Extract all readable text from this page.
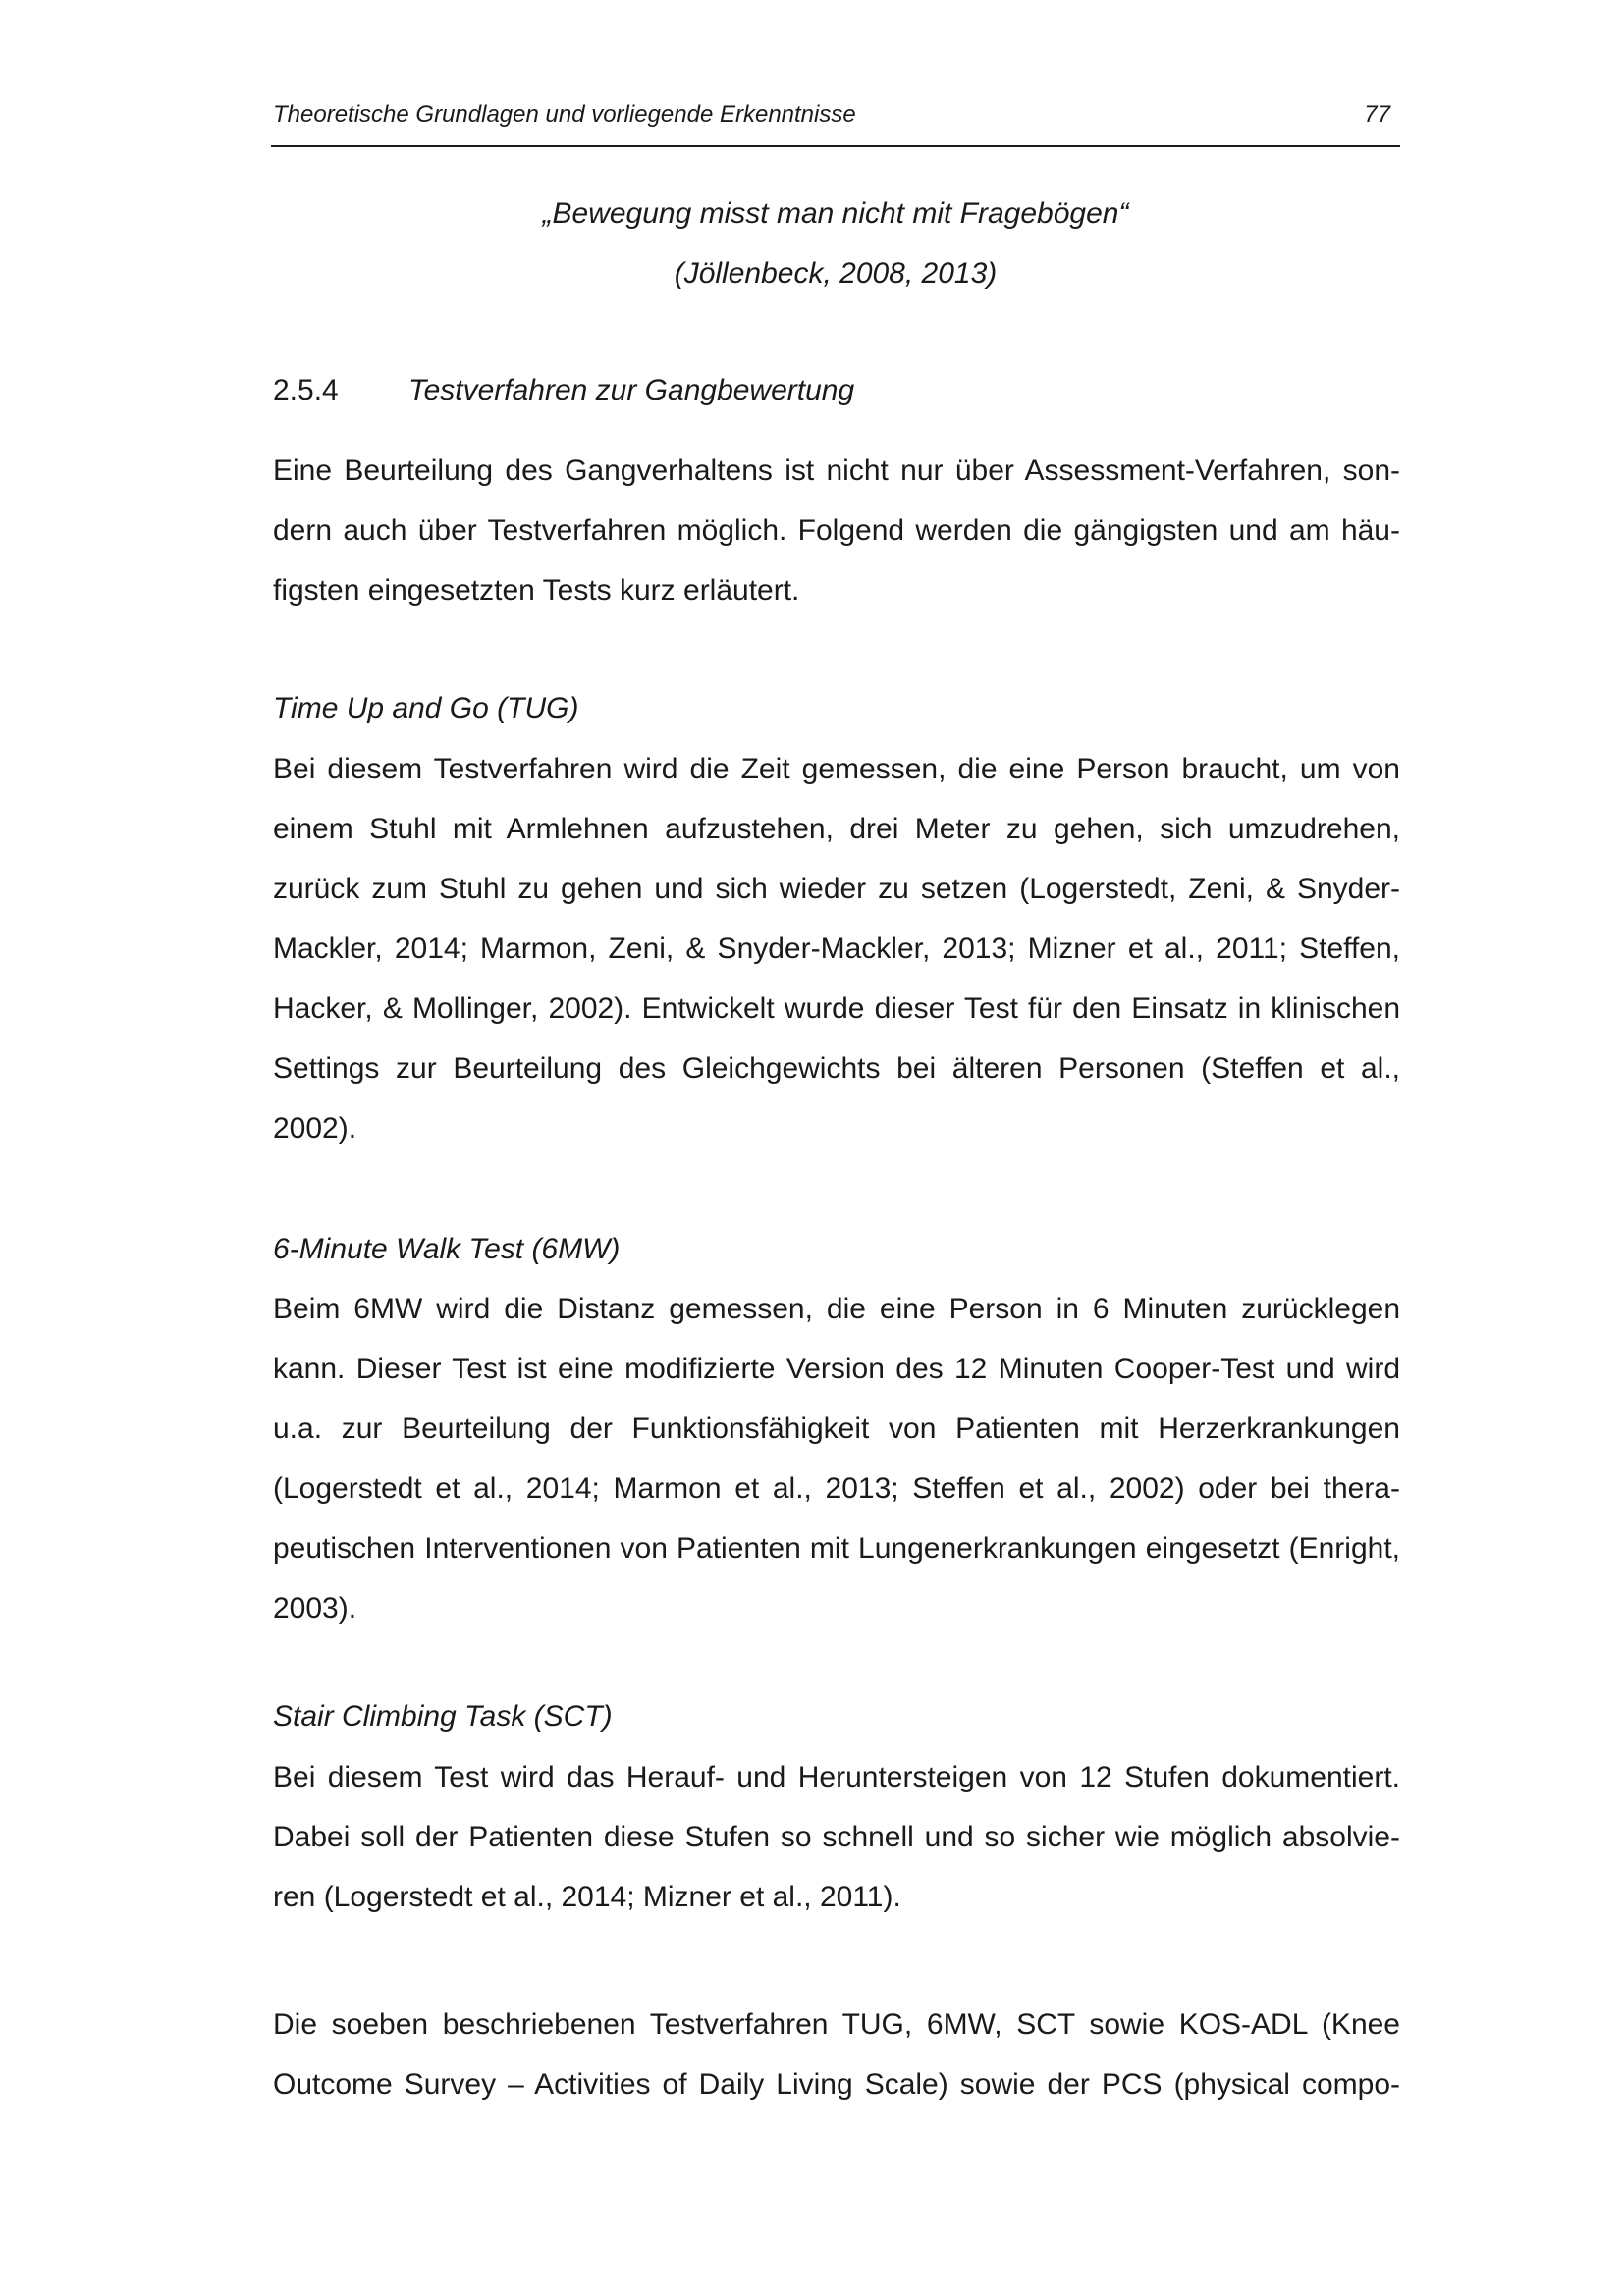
Theoretische Grundlagen und vorliegende Erkenntnisse	77
„Bewegung misst man nicht mit Fragebögen“
(Jöllenbeck, 2008, 2013)
2.5.4 Testverfahren zur Gangbewertung
Eine Beurteilung des Gangverhaltens ist nicht nur über Assessment-Verfahren, sondern auch über Testverfahren möglich. Folgend werden die gängigsten und am häufigsten eingesetzten Tests kurz erläutert.
Time Up and Go (TUG)
Bei diesem Testverfahren wird die Zeit gemessen, die eine Person braucht, um von einem Stuhl mit Armlehnen aufzustehen, drei Meter zu gehen, sich umzudrehen, zurück zum Stuhl zu gehen und sich wieder zu setzen (Logerstedt, Zeni, & Snyder-Mackler, 2014; Marmon, Zeni, & Snyder-Mackler, 2013; Mizner et al., 2011; Steffen, Hacker, & Mollinger, 2002). Entwickelt wurde dieser Test für den Einsatz in klinischen Settings zur Beurteilung des Gleichgewichts bei älteren Personen (Steffen et al., 2002).
6-Minute Walk Test (6MW)
Beim 6MW wird die Distanz gemessen, die eine Person in 6 Minuten zurücklegen kann. Dieser Test ist eine modifizierte Version des 12 Minuten Cooper-Test und wird u.a. zur Beurteilung der Funktionsfähigkeit von Patienten mit Herzerkrankungen (Logerstedt et al., 2014; Marmon et al., 2013; Steffen et al., 2002) oder bei therapeutischen Interventionen von Patienten mit Lungenerkrankungen eingesetzt (Enright, 2003).
Stair Climbing Task (SCT)
Bei diesem Test wird das Herauf- und Heruntersteigen von 12 Stufen dokumentiert. Dabei soll der Patienten diese Stufen so schnell und so sicher wie möglich absolvieren (Logerstedt et al., 2014; Mizner et al., 2011).
Die soeben beschriebenen Testverfahren TUG, 6MW, SCT sowie KOS-ADL (Knee Outcome Survey – Activities of Daily Living Scale) sowie der PCS (physical compo-
